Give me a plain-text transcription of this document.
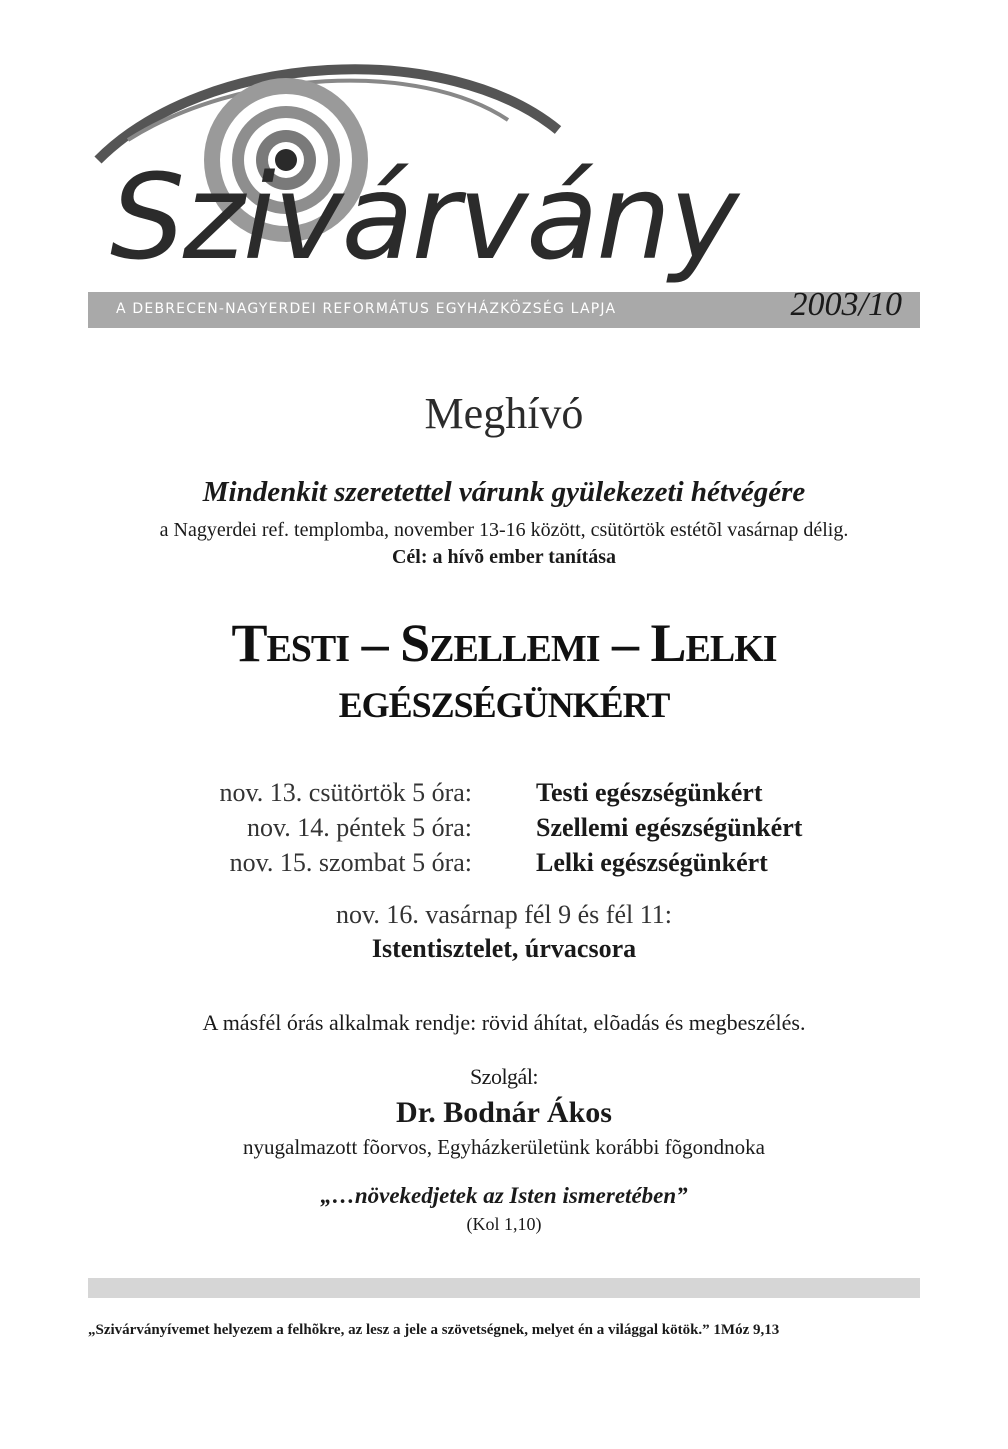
Szivárvány
A DEBRECEN-NAGYERDEI REFORMÁTUS EGYHÁZKÖZSÉG LAPJA	2003/10
Meghívó
Mindenkit szeretettel várunk gyülekezeti hétvégére
a Nagyerdei ref. templomba, november 13-16 között, csütörtök estétõl vasárnap délig.
Cél: a hívõ ember tanítása
Testi – Szellemi – Lelki
EGÉSZSÉGÜNKÉRT
nov. 13. csütörtök 5 óra: Testi egészségünkért
nov. 14. péntek 5 óra: Szellemi egészségünkért
nov. 15. szombat 5 óra: Lelki egészségünkért
nov. 16. vasárnap fél 9 és fél 11:
Istentisztelet, úrvacsora
A másfél órás alkalmak rendje: rövid áhítat, elõadás és megbeszélés.
Szolgál:
Dr. Bodnár Ákos
nyugalmazott fõorvos, Egyházkerületünk korábbi fõgondnoka
„…növekedjetek az Isten ismeretében”
(Kol 1,10)
„Szivárványívemet helyezem a felhõkre, az lesz a jele a szövetségnek, melyet én a világgal kötök.” 1Móz 9,13
